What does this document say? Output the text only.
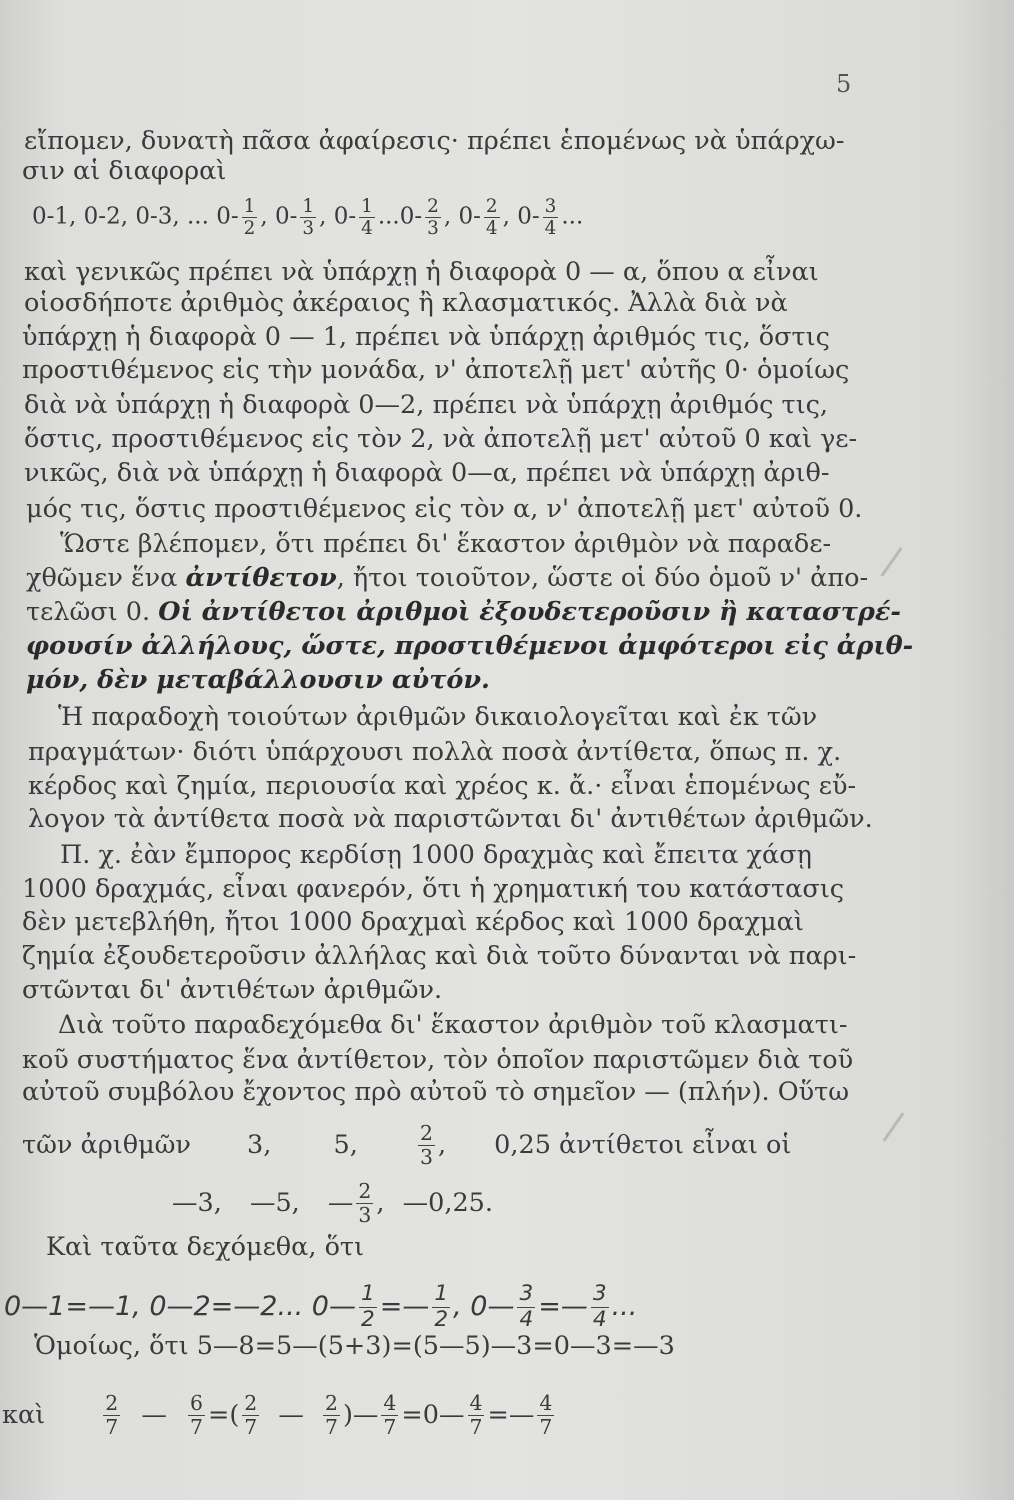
5
εἴπομεν, δυνατὴ πᾶσα ἀφαίρεσις· πρέπει ἑπομένως νὰ ὑπάρχω-
σιν αἱ διαφοραὶ
0-1, 0-2, 0-3, ... $0- \frac{1}{2}$ , $0- \frac{1}{3}$ , $0- \frac{1}{4} ...0- \frac{2}{3}$ , $0- \frac{2}{4}$ , $0- \frac{3}{4}$ ...
καὶ γενικῶς πρέπει νὰ ὑπάρχῃ ἡ διαφορὰ 0 — α, ὅπου α εἶναι
οἱοσδήποτε ἀριθμὸς ἀκέραιος ἢ κλασματικός. Ἀλλὰ διὰ νὰ
ὑπάρχῃ ἡ διαφορὰ 0 — 1, πρέπει νὰ ὑπάρχῃ ἀριθμός τις, ὅστις
προστιθέμενος εἰς τὴν μονάδα, ν' ἀποτελῇ μετ' αὐτῆς 0· ὁμοίως
διὰ νὰ ὑπάρχῃ ἡ διαφορὰ 0—2, πρέπει νὰ ὑπάρχῃ ἀριθμός τις,
ὅστις, προστιθέμενος εἰς τὸν 2, νὰ ἀποτελῇ μετ' αὐτοῦ 0 καὶ γε-
νικῶς, διὰ νὰ ὑπάρχῃ ἡ διαφορὰ 0—α, πρέπει νὰ ὑπάρχῃ ἀριθ-
μός τις, ὅστις προστιθέμενος εἰς τὸν α, ν' ἀποτελῇ μετ' αὐτοῦ 0.
Ὥστε βλέπομεν, ὅτι πρέπει δι' ἕκαστον ἀριθμὸν νὰ παραδε-
χθῶμεν ἕνα ἀντίθετον, ἤτοι τοιοῦτον, ὥστε οἱ δύο ὁμοῦ ν' ἀπο-
τελῶσι 0. Οἱ ἀντίθετοι ἀριθμοὶ ἐξουδετεροῦσιν ἢ καταστρέ-
φουσίν ἀλλήλους, ὥστε, προστιθέμενοι ἀμφότεροι εἰς ἀριθ-
μόν, δὲν μεταβάλλουσιν αὐτόν.
Ἡ παραδοχὴ τοιούτων ἀριθμῶν δικαιολογεῖται καὶ ἐκ τῶν
πραγμάτων· διότι ὑπάρχουσι πολλὰ ποσὰ ἀντίθετα, ὅπως π. χ.
κέρδος καὶ ζημία, περιουσία καὶ χρέος κ. ἄ.· εἶναι ἑπομένως εὔ-
λογον τὰ ἀντίθετα ποσὰ νὰ παριστῶνται δι' ἀντιθέτων ἀριθμῶν.
Π. χ. ἐὰν ἔμπορος κερδίσῃ 1000 δραχμὰς καὶ ἔπειτα χάσῃ
1000 δραχμάς, εἶναι φανερόν, ὅτι ἡ χρηματική του κατάστασις
δὲν μετεβλήθη, ἤτοι 1000 δραχμαὶ κέρδος καὶ 1000 δραχμαὶ
ζημία ἐξουδετεροῦσιν ἀλλήλας καὶ διὰ τοῦτο δύνανται νὰ παρι-
στῶνται δι' ἀντιθέτων ἀριθμῶν.
Διὰ τοῦτο παραδεχόμεθα δι' ἕκαστον ἀριθμὸν τοῦ κλασματι-
κοῦ συστήματος ἕνα ἀντίθετον, τὸν ὁποῖον παριστῶμεν διὰ τοῦ
αὐτοῦ συμβόλου ἔχοντος πρὸ αὐτοῦ τὸ σημεῖον — (πλήν). Οὕτω
τῶν ἀριθμῶν 3, 5,	$\frac{2}{3}$ , 0,25 ἀντίθετοι εἶναι οἱ
—3, —5, — $\frac{2}{3}$ , —0,25.
Καὶ ταῦτα δεχόμεθα, ὅτι
0—1=—1, 0—2=—2... 0— $\frac{1}{2}$ =— $\frac{1}{2}$ , 0— $\frac{3}{4}$ =— $\frac{3}{4}$ ...
Ὁμοίως, ὅτι 5—8=5—(5+3)=(5—5)—3=0—3=—3
καὶ	$\frac{2}{7}$ — $\frac{6}{7}$ =( $\frac{2}{7}$ — $\frac{2}{7}$ )— $\frac{4}{7}$ =0— $\frac{4}{7}$ =— $\frac{4}{7}$
